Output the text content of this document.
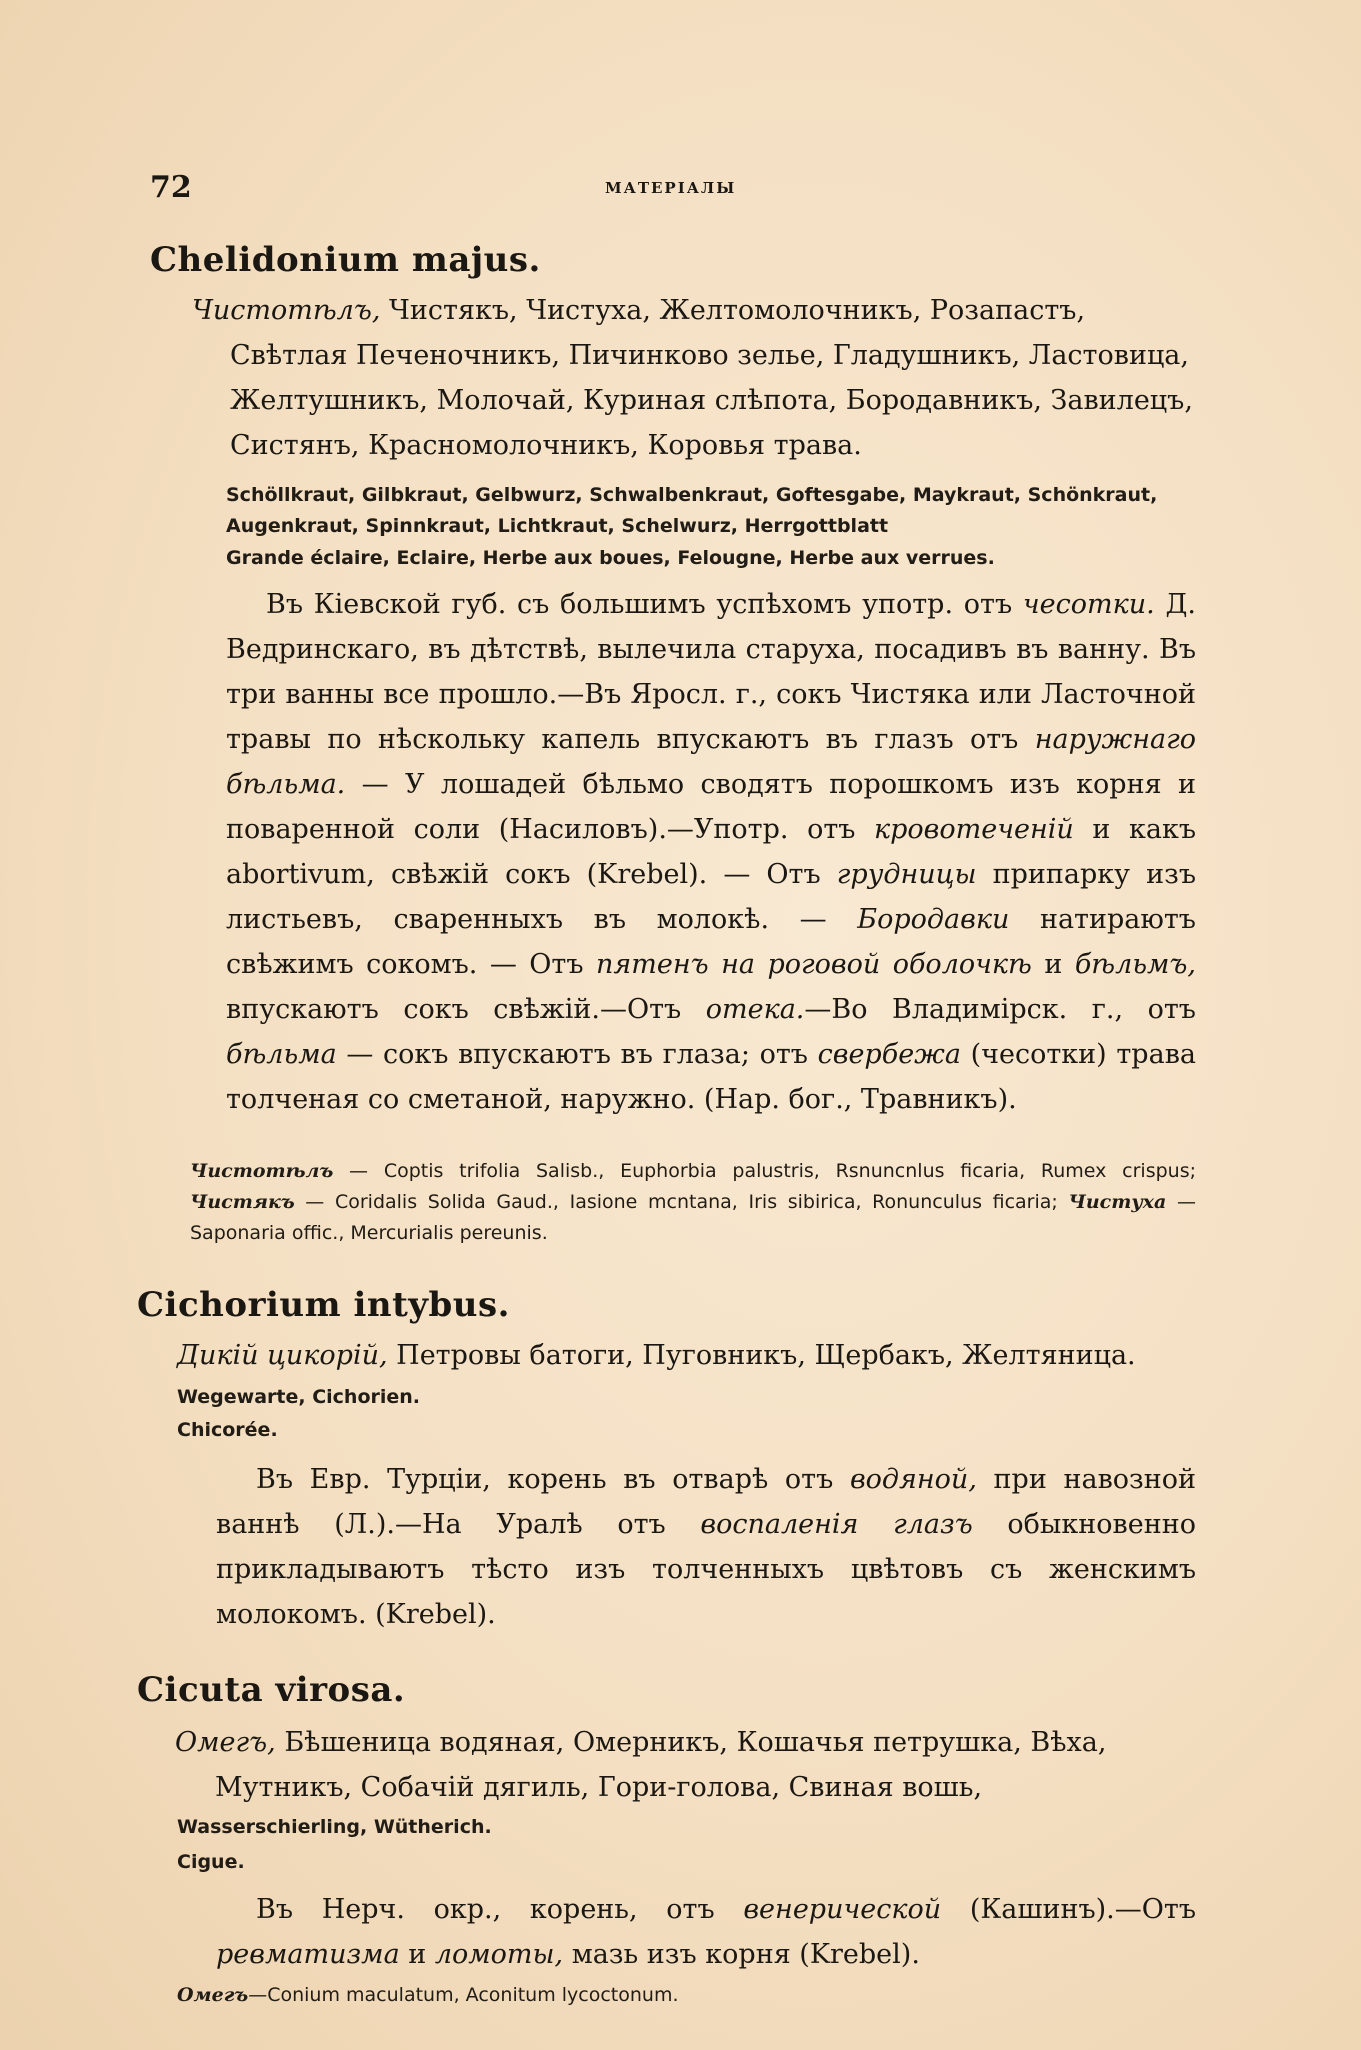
72	МАТЕРІАЛЫ
Chelidonium majus.
Чистотѣлъ, Чистякъ, Чистуха, Желтомолочникъ, Розапастъ, Свѣтлая Печеночникъ, Пичинково зелье, Гладушникъ, Ластовица, Желтушникъ, Молочай, Куриная слѣпота, Бородавникъ, Завилецъ, Систянъ, Красномолочникъ, Коровья трава.
Schöllkraut, Gilbkraut, Gelbwurz, Schwalbenkraut, Goftesgabe, Maykraut, Schönkraut, Augenkraut, Spinnkraut, Lichtkraut, Schelwurz, Herrgottblatt
Grande éclaire, Eclaire, Herbe aux boues, Felougne, Herbe aux verrues.
Въ Кіевской губ. съ большимъ успѣхомъ употр. отъ чесотки. Д. Ведринскаго, въ дѣтствѣ, вылечила старуха, посадивъ въ ванну. Въ три ванны все прошло.—Въ Яросл. г., сокъ Чистяка или Ласточной травы по нѣскольку капель впускаютъ въ глазъ отъ наружнаго бѣльма. — У лошадей бѣльмо сводятъ порошкомъ изъ корня и поваренной соли (Насиловъ).—Употр. отъ кровотеченій и какъ abortivum, свѣжій сокъ (Krebel). — Отъ грудницы припарку изъ листьевъ, сваренныхъ въ молокѣ. — Бородавки натираютъ свѣжимъ сокомъ. — Отъ пятенъ на роговой оболочкѣ и бѣльмъ, впускаютъ сокъ свѣжій.—Отъ отека.—Во Владимірск. г., отъ бѣльма — сокъ впускаютъ въ глаза; отъ свербежа (чесотки) трава толченая со сметаной, наружно. (Нар. бог., Травникъ).
Чистотѣлъ — Coptis trifolia Salisb., Euphorbia palustris, Rsnuncnlus ficaria, Rumex crispus; Чистякъ — Coridalis Solida Gaud., Iasione mcntana, Iris sibirica, Ronunculus ficaria; Чистуха — Saponaria offic., Mercurialis pereunis.
Cichorium intybus.
Дикій цикорій, Петровы батоги, Пуговникъ, Щербакъ, Желтяница.
Wegewarte, Cichorien.
Chicorée.
Въ Евр. Турціи, корень въ отварѣ отъ водяной, при навозной ваннѣ (Л.).—На Уралѣ отъ воспаленія глазъ обыкновенно прикладываютъ тѣсто изъ толченныхъ цвѣтовъ съ женскимъ молокомъ. (Krebel).
Cicuta virosa.
Омегъ, Бѣшеница водяная, Омерникъ, Кошачья петрушка, Вѣха, Мутникъ, Собачій дягиль, Гори-голова, Свиная вошь,
Wasserschierling, Wütherich.
Cigue.
Въ Нерч. окр., корень, отъ венерической (Кашинъ).—Отъ ревматизма и ломоты, мазь изъ корня (Krebel).
Омегъ—Conium maculatum, Aconitum lycoctonum.
